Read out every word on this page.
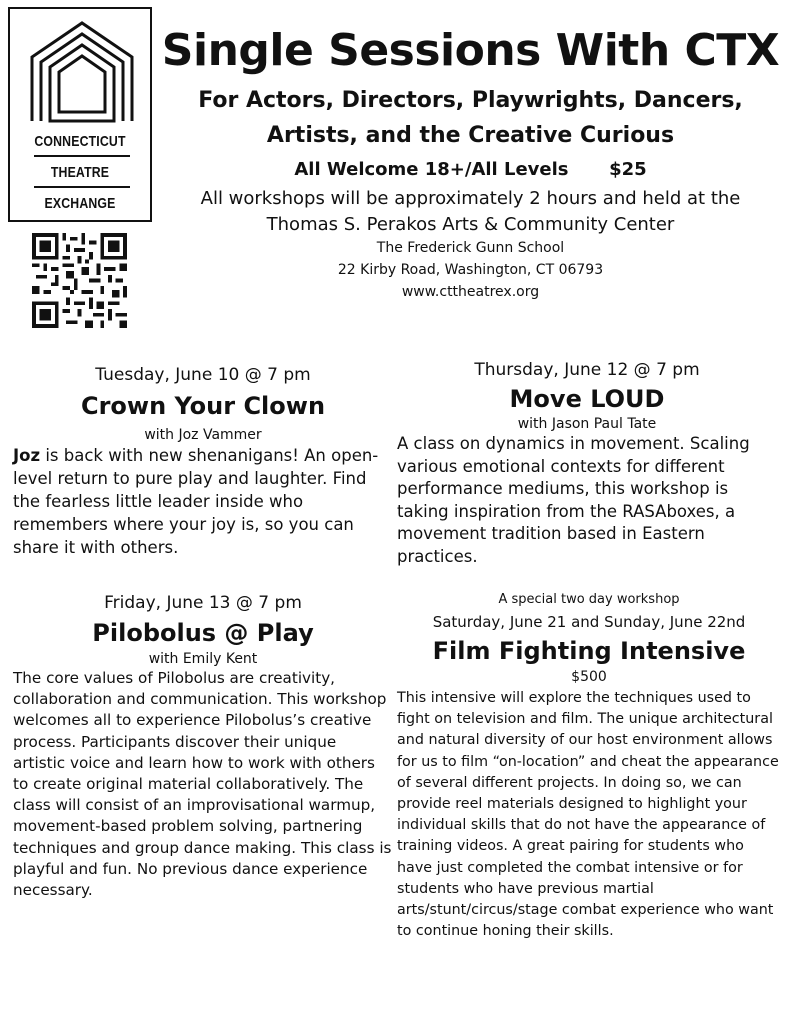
CONNECTICUT
THEATRE
EXCHANGE
Single Sessions With CTX
For Actors, Directors, Playwrights, Dancers,
Artists, and the Creative Curious
All Welcome 18+/All Levels $25
All workshops will be approximately 2 hours and held at the
Thomas S. Perakos Arts & Community Center
The Frederick Gunn School
22 Kirby Road, Washington, CT 06793
www.cttheatrex.org
Tuesday, June 10 @ 7 pm
Crown Your Clown
with Joz Vammer
Joz is back with new shenanigans! An open-level return to pure play and laughter. Find the fearless little leader inside who remembers where your joy is, so you can share it with others.
Thursday, June 12 @ 7 pm
Move LOUD
with Jason Paul Tate
A class on dynamics in movement. Scaling various emotional contexts for different performance mediums, this workshop is taking inspiration from the RASAboxes, a movement tradition based in Eastern practices.
Friday, June 13 @ 7 pm
Pilobolus @ Play
with Emily Kent
The core values of Pilobolus are creativity, collaboration and communication. This workshop welcomes all to experience Pilobolus’s creative process. Participants discover their unique artistic voice and learn how to work with others to create original material collaboratively. The class will consist of an improvisational warmup, movement-based problem solving, partnering techniques and group dance making. This class is playful and fun. No previous dance experience necessary.
A special two day workshop
Saturday, June 21 and Sunday, June 22nd
Film Fighting Intensive
$500
This intensive will explore the techniques used to fight on television and film. The unique architectural and natural diversity of our host environment allows for us to film “on-location” and cheat the appearance of several different projects. In doing so, we can provide reel materials designed to highlight your individual skills that do not have the appearance of training videos. A great pairing for students who have just completed the combat intensive or for students who have previous martial arts/stunt/circus/stage combat experience who want to continue honing their skills.
